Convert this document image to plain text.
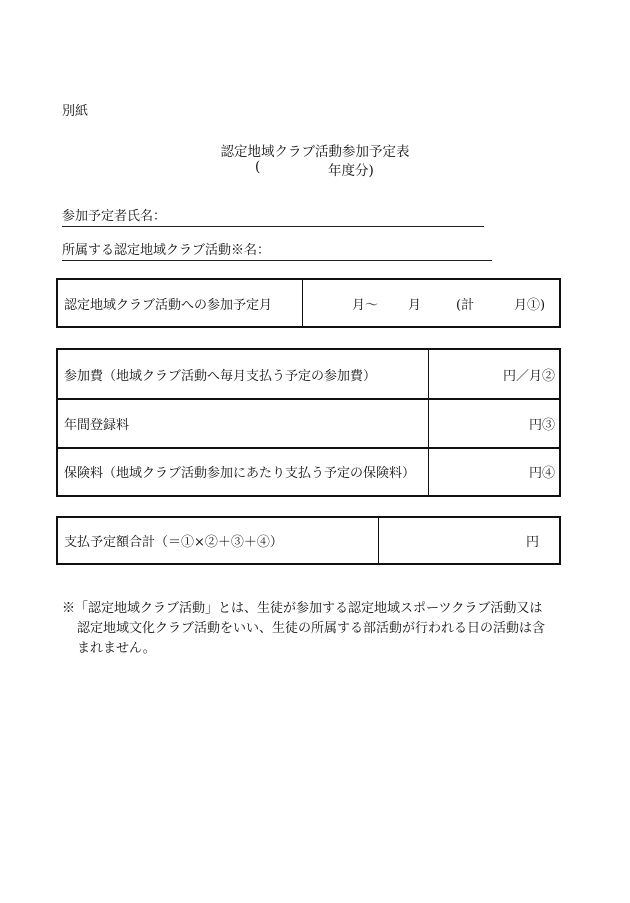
別紙
認定地域クラブ活動参加予定表
(	年度分)
参加予定者氏名：
所属する認定地域クラブ活動※名：
認定地域クラブ活動への参加予定月	月～ 月	(計	月①)
参加費（地域クラブ活動へ毎月支払う予定の参加費）	円／月②
年間登録料	円③
保険料（地域クラブ活動参加にあたり支払う予定の保険料）	円④
支払予定額合計（＝①×②＋③＋④）	円
※「認定地域クラブ活動」とは、生徒が参加する認定地域スポーツクラブ活動又は
認定地域文化クラブ活動をいい、生徒の所属する部活動が行われる日の活動は含
まれません。
